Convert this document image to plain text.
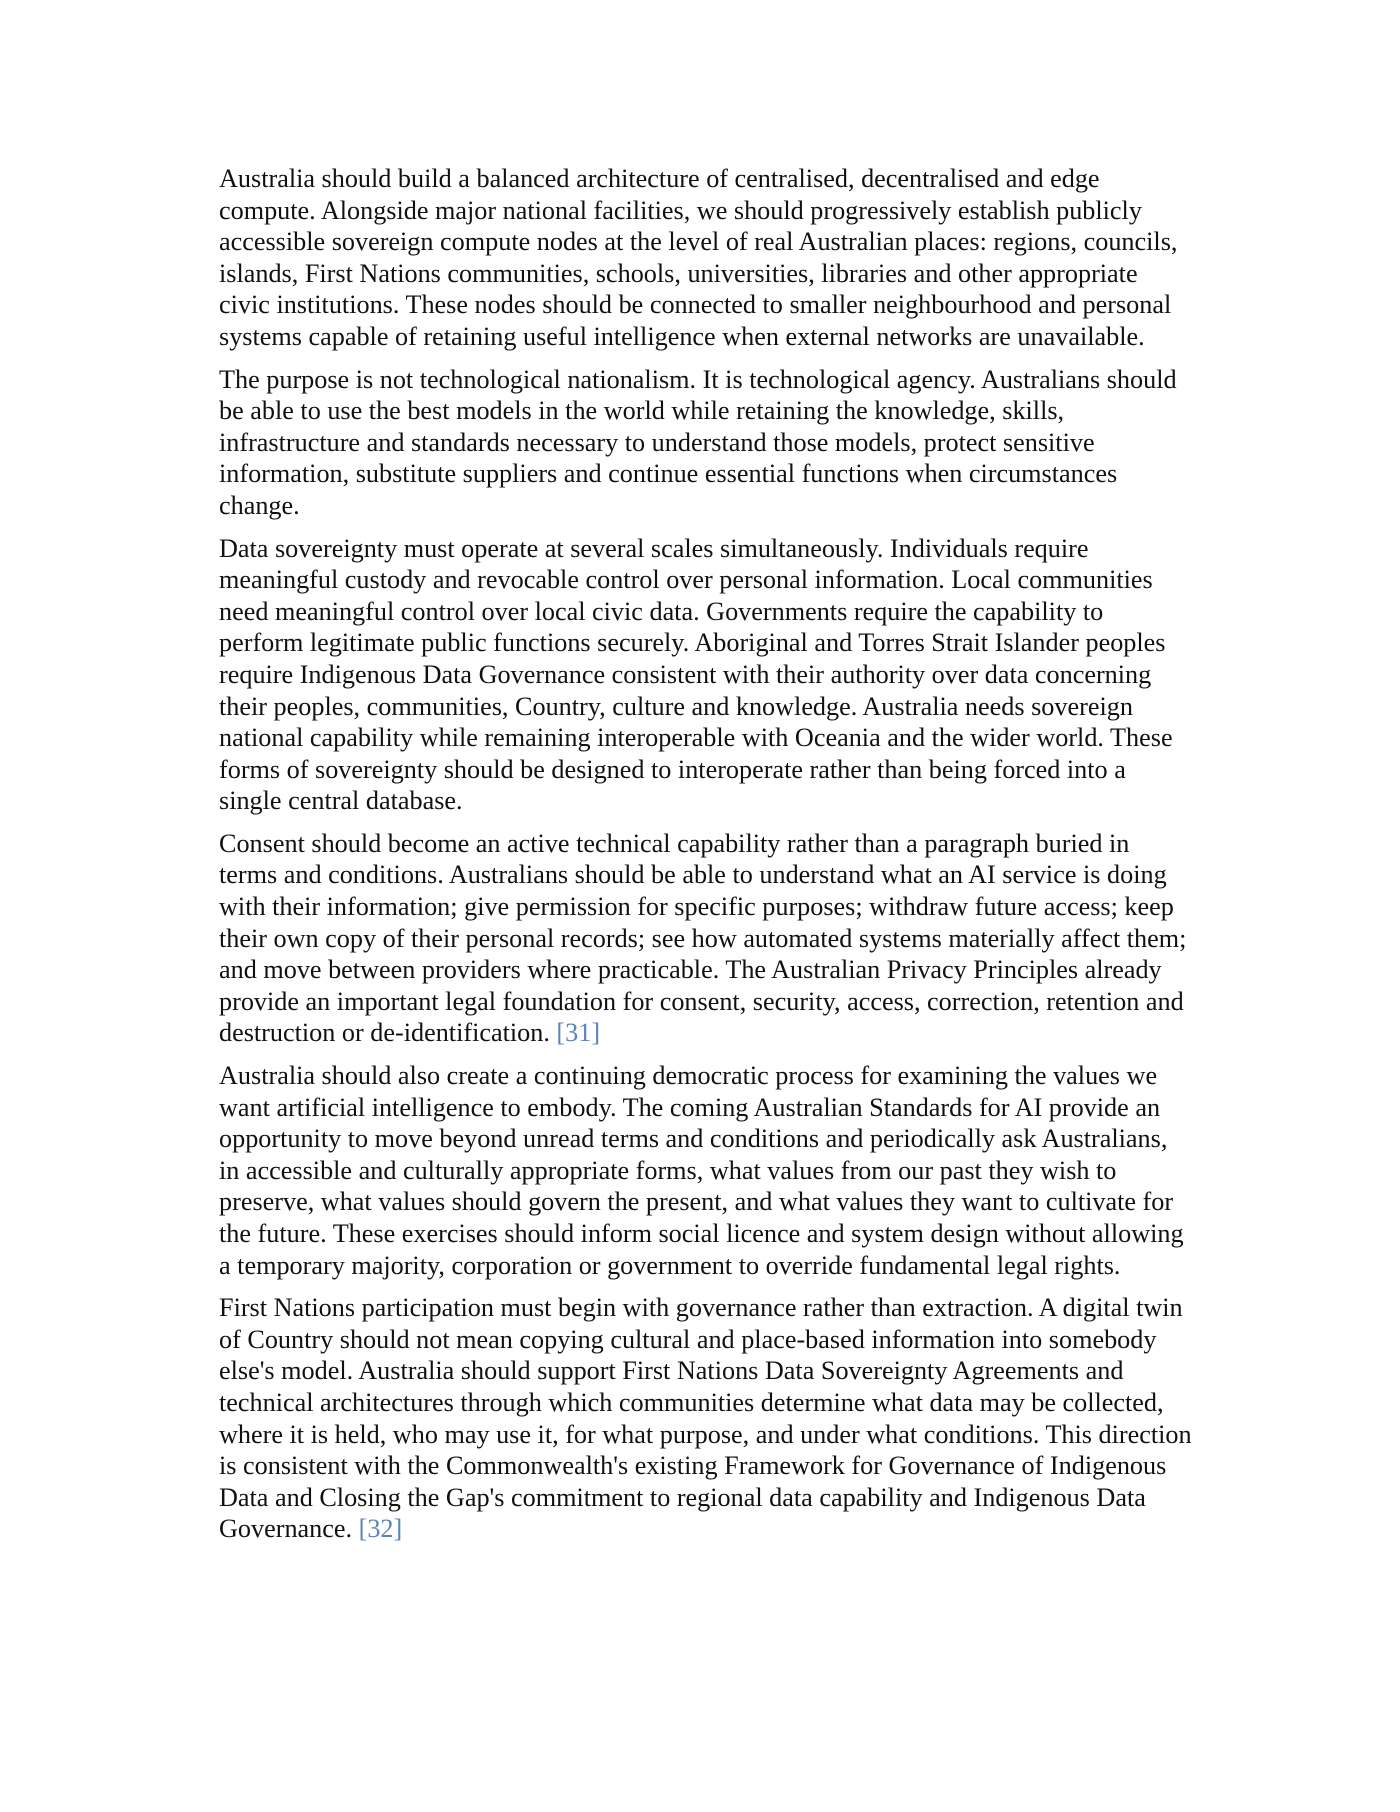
Australia should build a balanced architecture of centralised, decentralised and edge compute. Alongside major national facilities, we should progressively establish publicly accessible sovereign compute nodes at the level of real Australian places: regions, councils, islands, First Nations communities, schools, universities, libraries and other appropriate civic institutions. These nodes should be connected to smaller neighbourhood and personal systems capable of retaining useful intelligence when external networks are unavailable.

The purpose is not technological nationalism. It is technological agency. Australians should be able to use the best models in the world while retaining the knowledge, skills, infrastructure and standards necessary to understand those models, protect sensitive information, substitute suppliers and continue essential functions when circumstances change.

Data sovereignty must operate at several scales simultaneously. Individuals require meaningful custody and revocable control over personal information. Local communities need meaningful control over local civic data. Governments require the capability to perform legitimate public functions securely. Aboriginal and Torres Strait Islander peoples require Indigenous Data Governance consistent with their authority over data concerning their peoples, communities, Country, culture and knowledge. Australia needs sovereign national capability while remaining interoperable with Oceania and the wider world. These forms of sovereignty should be designed to interoperate rather than being forced into a single central database.

Consent should become an active technical capability rather than a paragraph buried in terms and conditions. Australians should be able to understand what an AI service is doing with their information; give permission for specific purposes; withdraw future access; keep their own copy of their personal records; see how automated systems materially affect them; and move between providers where practicable. The Australian Privacy Principles already provide an important legal foundation for consent, security, access, correction, retention and destruction or de-identification. [31]

Australia should also create a continuing democratic process for examining the values we want artificial intelligence to embody. The coming Australian Standards for AI provide an opportunity to move beyond unread terms and conditions and periodically ask Australians, in accessible and culturally appropriate forms, what values from our past they wish to preserve, what values should govern the present, and what values they want to cultivate for the future. These exercises should inform social licence and system design without allowing a temporary majority, corporation or government to override fundamental legal rights.

First Nations participation must begin with governance rather than extraction. A digital twin of Country should not mean copying cultural and place-based information into somebody else's model. Australia should support First Nations Data Sovereignty Agreements and technical architectures through which communities determine what data may be collected, where it is held, who may use it, for what purpose, and under what conditions. This direction is consistent with the Commonwealth's existing Framework for Governance of Indigenous Data and Closing the Gap's commitment to regional data capability and Indigenous Data Governance. [32]
